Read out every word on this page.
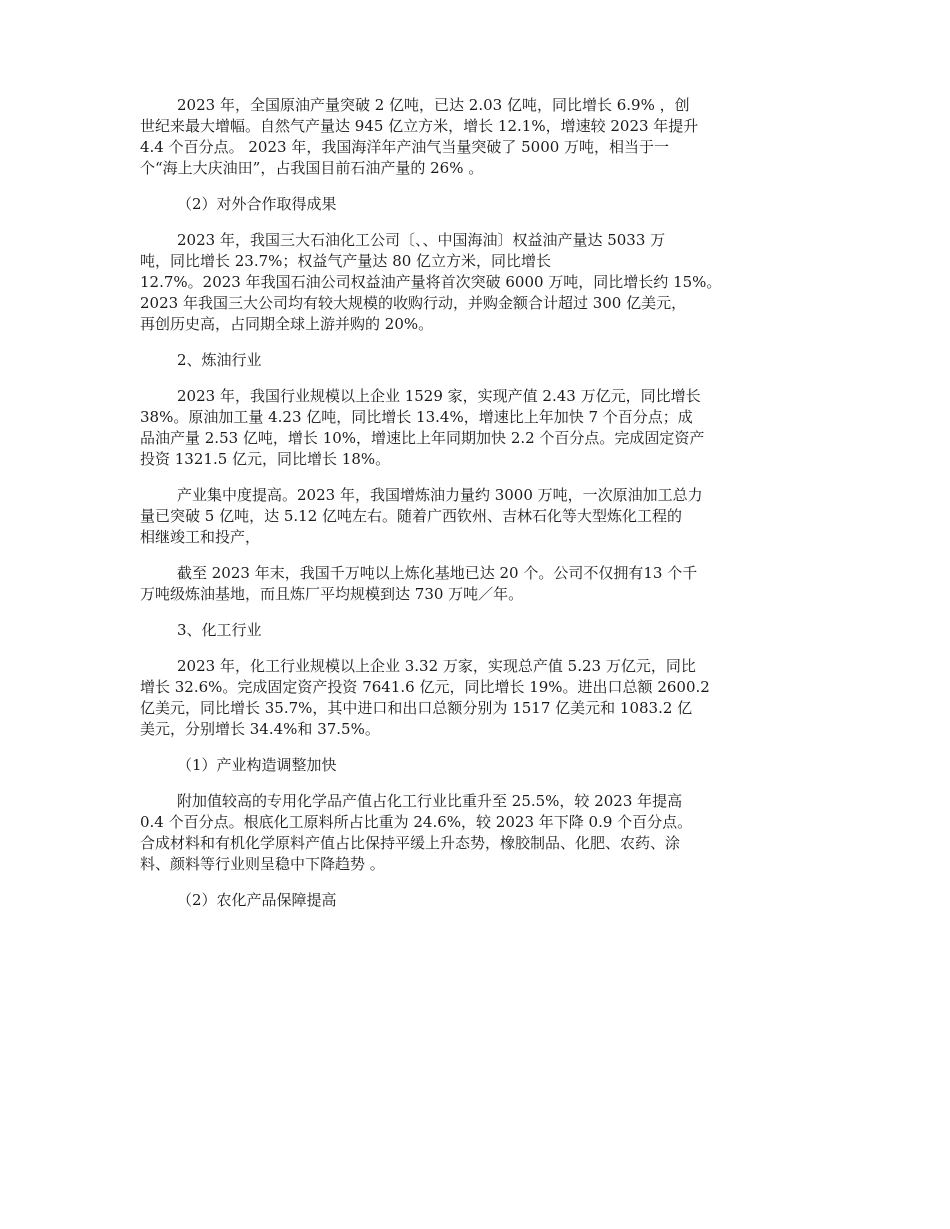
2023 年，全国原油产量突破 2 亿吨，已达 2.03 亿吨，同比增长 6.9% ，创
世纪来最大增幅。自然气产量达 945 亿立方米，增长 12.1%，增速较 2023 年提升
4.4 个百分点。 2023 年，我国海洋年产油气当量突破了 5000 万吨，相当于一
个“海上大庆油田”，占我国目前石油产量的 26% 。
（2）对外合作取得成果
2023 年，我国三大石油化工公司〔、、中国海油〕权益油产量达 5033 万
吨，同比增长 23.7%；权益气产量达 80 亿立方米，同比增长
12.7%。2023 年我国石油公司权益油产量将首次突破 6000 万吨，同比增长约 15%。
2023 年我国三大公司均有较大规模的收购行动，并购金额合计超过 300 亿美元，
再创历史高，占同期全球上游并购的 20%。
2、炼油行业
2023 年，我国行业规模以上企业 1529 家，实现产值 2.43 万亿元，同比增长
38%。原油加工量 4.23 亿吨，同比增长 13.4%，增速比上年加快 7 个百分点；成
品油产量 2.53 亿吨，增长 10%，增速比上年同期加快 2.2 个百分点。完成固定资产
投资 1321.5 亿元，同比增长 18%。
产业集中度提高。2023 年，我国增炼油力量约 3000 万吨，一次原油加工总力
量已突破 5 亿吨，达 5.12 亿吨左右。随着广西钦州、吉林石化等大型炼化工程的
相继竣工和投产，
截至 2023 年末，我国千万吨以上炼化基地已达 20 个。公司不仅拥有13 个千
万吨级炼油基地，而且炼厂平均规模到达 730 万吨／年。
3、化工行业
2023 年，化工行业规模以上企业 3.32 万家，实现总产值 5.23 万亿元，同比
增长 32.6%。完成固定资产投资 7641.6 亿元，同比增长 19%。进出口总额 2600.2
亿美元，同比增长 35.7%，其中进口和出口总额分别为 1517 亿美元和 1083.2 亿
美元，分别增长 34.4%和 37.5%。
（1）产业构造调整加快
附加值较高的专用化学品产值占化工行业比重升至 25.5%，较 2023 年提高
0.4 个百分点。根底化工原料所占比重为 24.6%，较 2023 年下降 0.9 个百分点。
合成材料和有机化学原料产值占比保持平缓上升态势，橡胶制品、化肥、农药、涂
料、颜料等行业则呈稳中下降趋势 。
（2）农化产品保障提高
